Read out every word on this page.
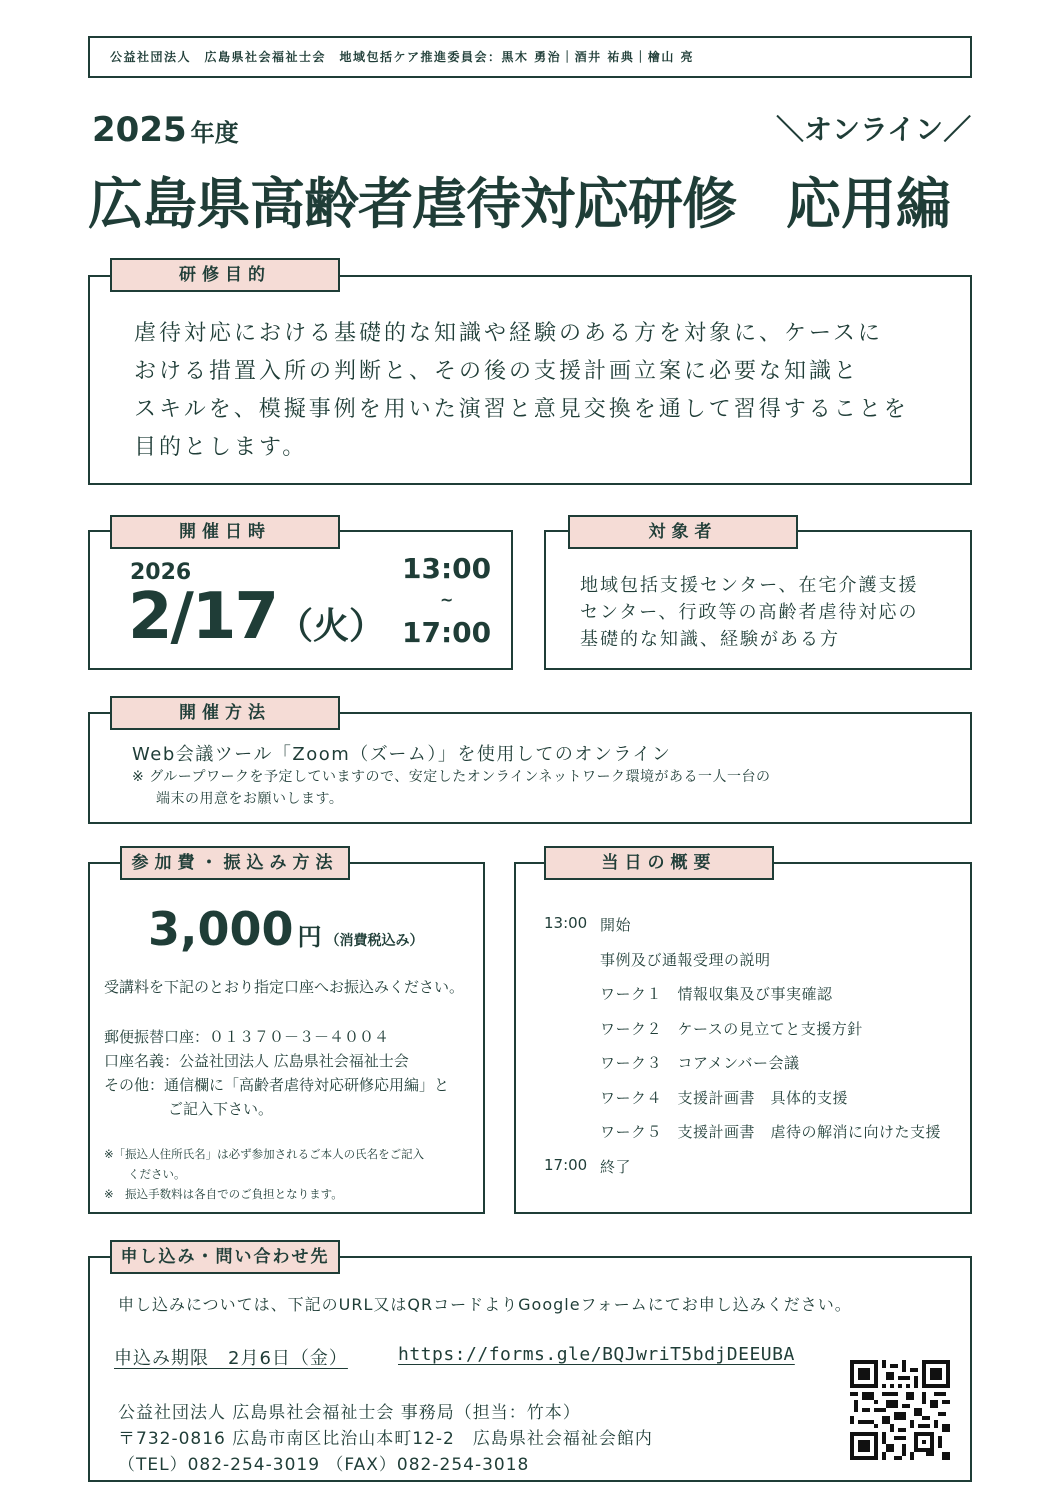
公益社団法人　広島県社会福祉士会　地域包括ケア推進委員会：黒木 勇治｜酒井 祐典｜檜山 亮
2025 年度
広島県高齢者虐待対応研修
＼オンライン／
応用編
虐待対応における基礎的な知識や経験のある方を対象に、ケースに
おける措置入所の判断と、その後の支援計画立案に必要な知識と
スキルを、模擬事例を用いた演習と意見交換を通して習得することを
目的とします。
研修目的
2026
2/17（火）
13:00
~
17:00
開催日時
地域包括支援センター、在宅介護支援
センター、行政等の高齢者虐待対応の
基礎的な知識、経験がある方
対象者
Web会議ツール「Zoom（ズーム）」を使用してのオンライン
※ グループワークを予定していますので、安定したオンラインネットワーク環境がある一人一台の
端末の用意をお願いします。
開催方法
3,000 円 （消費税込み）
受講料を下記のとおり指定口座へお振込みください。
郵便振替口座：０１３７０－３－４００４
口座名義：公益社団法人 広島県社会福祉士会
その他：通信欄に「高齢者虐待対応研修応用編」と
ご記入下さい。
※「振込人住所氏名」は必ず参加されるご本人の氏名をご記入
ください。
※　振込手数料は各自でのご負担となります。
参加費・振込み方法
13:00 開始
事例及び通報受理の説明
ワーク１　情報収集及び事実確認
ワーク２　ケースの見立てと支援方針
ワーク３　コアメンバー会議
ワーク４　支援計画書　具体的支援
ワーク５　支援計画書　虐待の解消に向けた支援
17:00 終了
当日の概要
申し込みについては、下記のURL又はQRコードよりGoogleフォームにてお申し込みください。
申込み期限　2月6日（金）	https://forms.gle/BQJwriT5bdjDEEUBA
公益社団法人 広島県社会福祉士会 事務局（担当：竹本）
〒732-0816 広島市南区比治山本町12-2　広島県社会福祉会館内
（TEL）082-254-3019 （FAX）082-254-3018
申し込み・問い合わせ先
